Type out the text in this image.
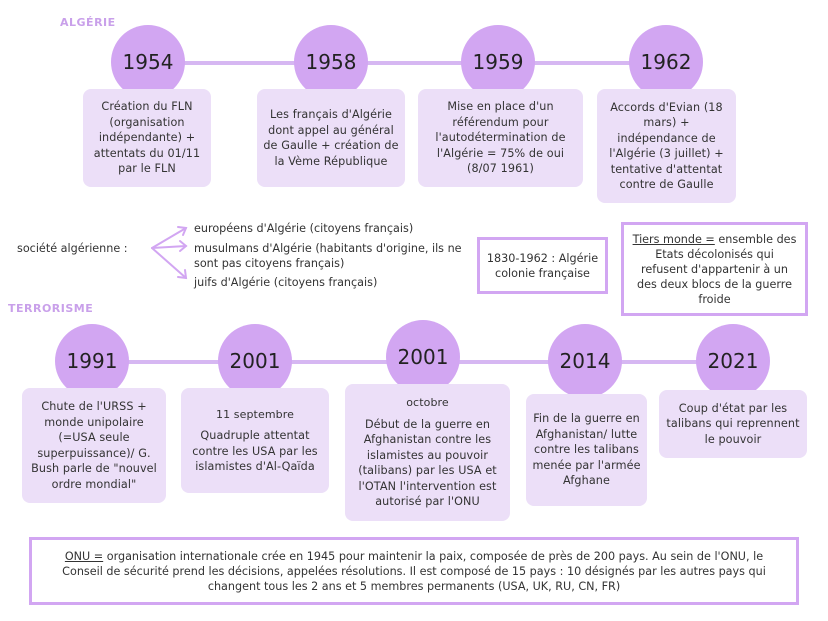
ALGÉRIE
TERRORISME
1954	1958	1959	1962
Création du FLN (organisation indépendante) + attentats du 01/11 par le FLN
Les français d'Algérie dont appel au général de Gaulle + création de la Vème République
Mise en place d'un référendum pour l'autodétermination de l'Algérie = 75% de oui (8/07 1961)
Accords d'Evian (18 mars) + indépendance de l'Algérie (3 juillet) + tentative d'attentat contre de Gaulle
société algérienne :
européens d'Algérie (citoyens français)
musulmans d'Algérie (habitants d'origine, ils ne sont pas citoyens français)
juifs d'Algérie (citoyens français)
1830-1962 : Algérie colonie française
Tiers monde = ensemble des Etats décolonisés qui refusent d'appartenir à un des deux blocs de la guerre froide
1991	2001	2001	2014	2021
Chute de l'URSS + monde unipolaire (=USA seule superpuissance)/ G. Bush parle de "nouvel ordre mondial"
11 septembre
Quadruple attentat contre les USA par les islamistes d'Al-Qaïda
octobre
Début de la guerre en Afghanistan contre les islamistes au pouvoir (talibans) par les USA et l'OTAN l'intervention est autorisé par l'ONU
Fin de la guerre en Afghanistan/ lutte contre les talibans menée par l'armée Afghane
Coup d'état par les talibans qui reprennent le pouvoir
ONU = organisation internationale crée en 1945 pour maintenir la paix, composée de près de 200 pays. Au sein de l'ONU, le Conseil de sécurité prend les décisions, appelées résolutions. Il est composé de 15 pays : 10 désignés par les autres pays qui changent tous les 2 ans et 5 membres permanents (USA, UK, RU, CN, FR)
